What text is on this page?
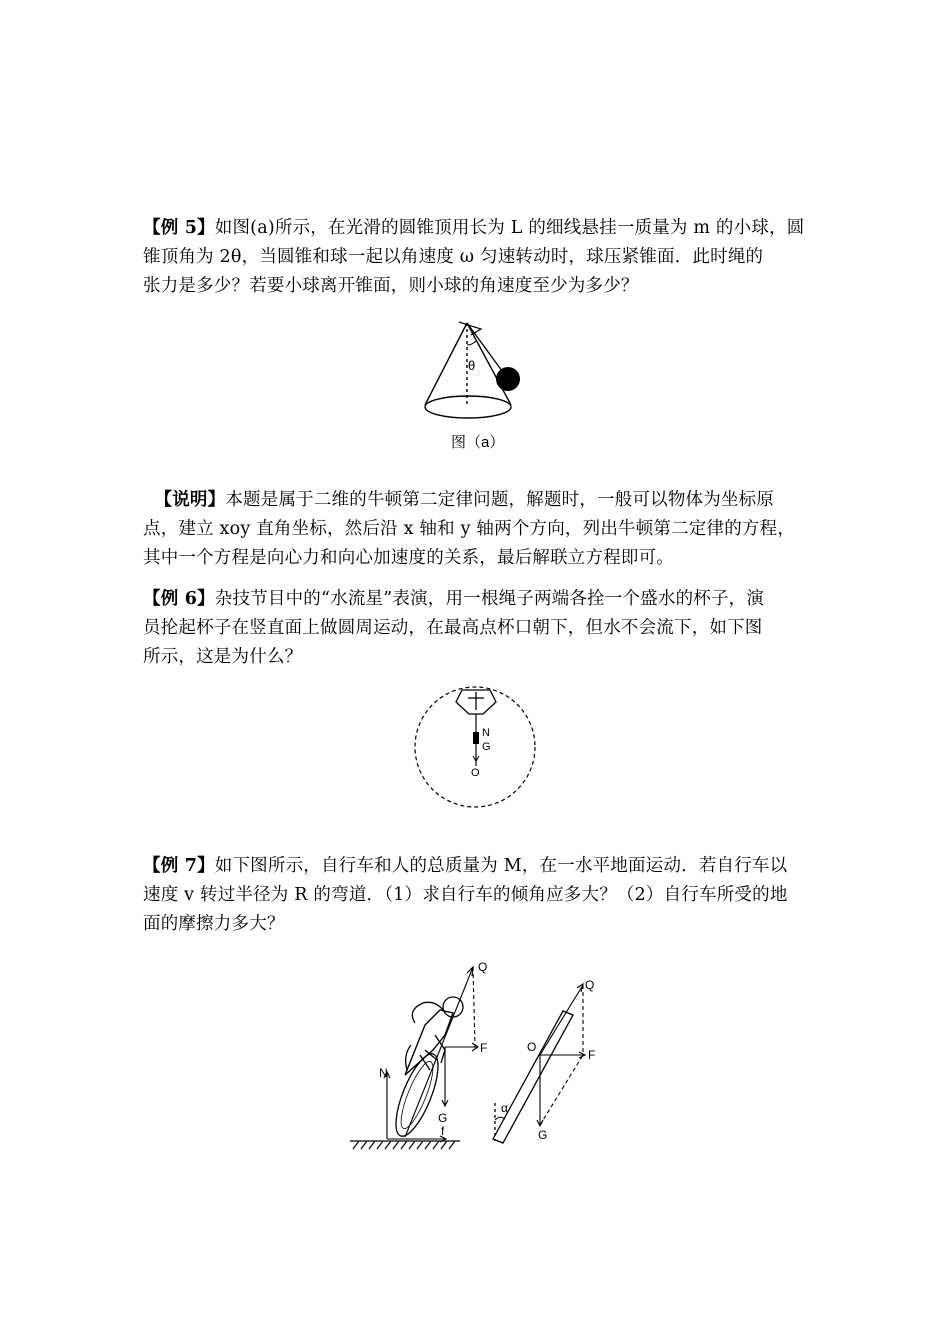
【例 5】如图(a)所示，在光滑的圆锥顶用长为 L 的细线悬挂一质量为 m 的小球，圆
锥顶角为 2θ，当圆锥和球一起以角速度 ω 匀速转动时，球压紧锥面．此时绳的
张力是多少？若要小球离开锥面，则小球的角速度至少为多少？
θ
图（a）
【说明】本题是属于二维的牛顿第二定律问题，解题时，一般可以物体为坐标原
点，建立 xoy 直角坐标，然后沿 x 轴和 y 轴两个方向，列出牛顿第二定律的方程，
其中一个方程是向心力和向心加速度的关系，最后解联立方程即可。
【例 6】杂技节目中的“水流星”表演，用一根绳子两端各拴一个盛水的杯子，演
员抡起杯子在竖直面上做圆周运动，在最高点杯口朝下，但水不会流下，如下图
所示，这是为什么？
N
G
O
【例 7】如下图所示，自行车和人的总质量为 M，在一水平地面运动．若自行车以
速度 v 转过半径为 R 的弯道．（1）求自行车的倾角应多大？（2）自行车所受的地
面的摩擦力多大？
Q
F
N
G
f
Q
O
F
α
G
